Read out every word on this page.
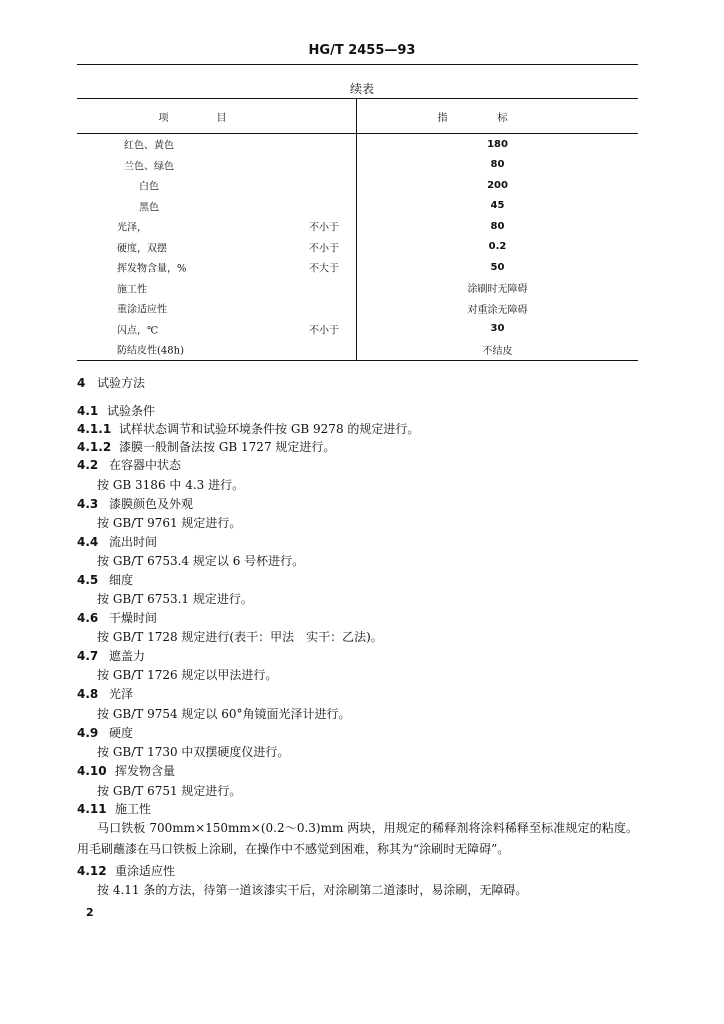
HG/T 2455—93
续表
项目	指标

红色、黄色	180

兰色、绿色	80

白色	200

黑色	45

光泽， 不小于	80

硬度，双摆 不小于	0.2

挥发物含量，% 不大于	50

施工性	涂刷时无障碍

重涂适应性	对重涂无障碍

闪点，℃ 不小于	30

防结皮性(48h)	不结皮
4 试验方法
4.1 试验条件
4.1.1 试样状态调节和试验环境条件按 GB 9278 的规定进行。
4.1.2 漆膜一般制备法按 GB 1727 规定进行。
4.2 在容器中状态
按 GB 3186 中 4.3 进行。
4.3 漆膜颜色及外观
按 GB/T 9761 规定进行。
4.4 流出时间
按 GB/T 6753.4 规定以 6 号杯进行。
4.5 细度
按 GB/T 6753.1 规定进行。
4.6 干燥时间
按 GB/T 1728 规定进行(表干：甲法　实干：乙法)。
4.7 遮盖力
按 GB/T 1726 规定以甲法进行。
4.8 光泽
按 GB/T 9754 规定以 60°角镜面光泽计进行。
4.9 硬度
按 GB/T 1730 中双摆硬度仪进行。
4.10 挥发物含量
按 GB/T 6751 规定进行。
4.11 施工性
马口铁板 700mm×150mm×(0.2～0.3)mm 两块，用规定的稀释剂将涂料稀释至标准规定的粘度。用毛刷蘸漆在马口铁板上涂刷，在操作中不感觉到困难，称其为“涂刷时无障碍”。
4.12 重涂适应性
按 4.11 条的方法，待第一道该漆实干后，对涂刷第二道漆时，易涂刷，无障碍。
2
